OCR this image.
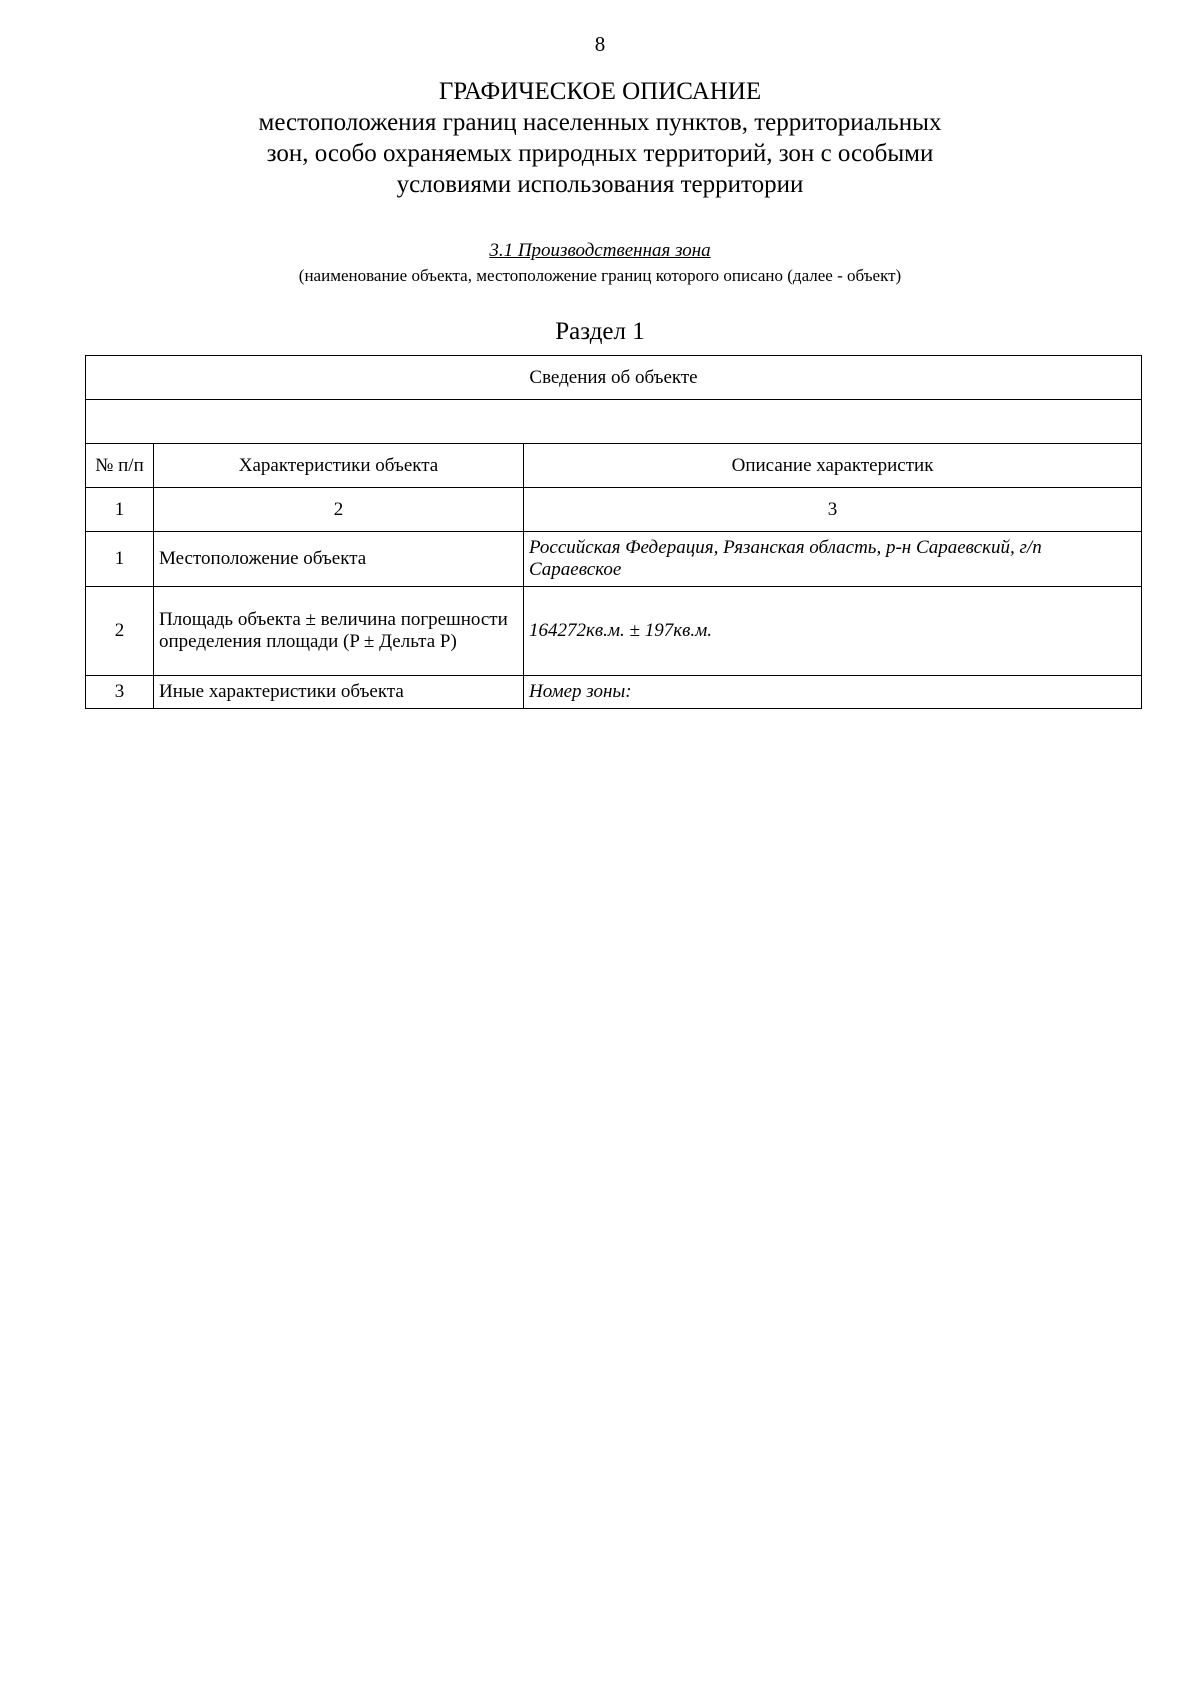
8
ГРАФИЧЕСКОЕ ОПИСАНИЕ
местоположения границ населенных пунктов, территориальных
зон, особо охраняемых природных территорий, зон с особыми
условиями использования территории
3.1 Производственная зона
(наименование объекта, местоположение границ которого описано (далее - объект)
Раздел 1
Сведения об объекте		

№ п/п	Характеристики объекта	Описание характеристик
1	2	3
1	Местоположение объекта	Российская Федерация, Рязанская область, р-н Сараевский, г/п Сараевское
2	Площадь объекта ± величина погрешности определения площади (P ± Дельта P)	164272кв.м. ± 197кв.м.
3	Иные характеристики объекта	Номер зоны:
